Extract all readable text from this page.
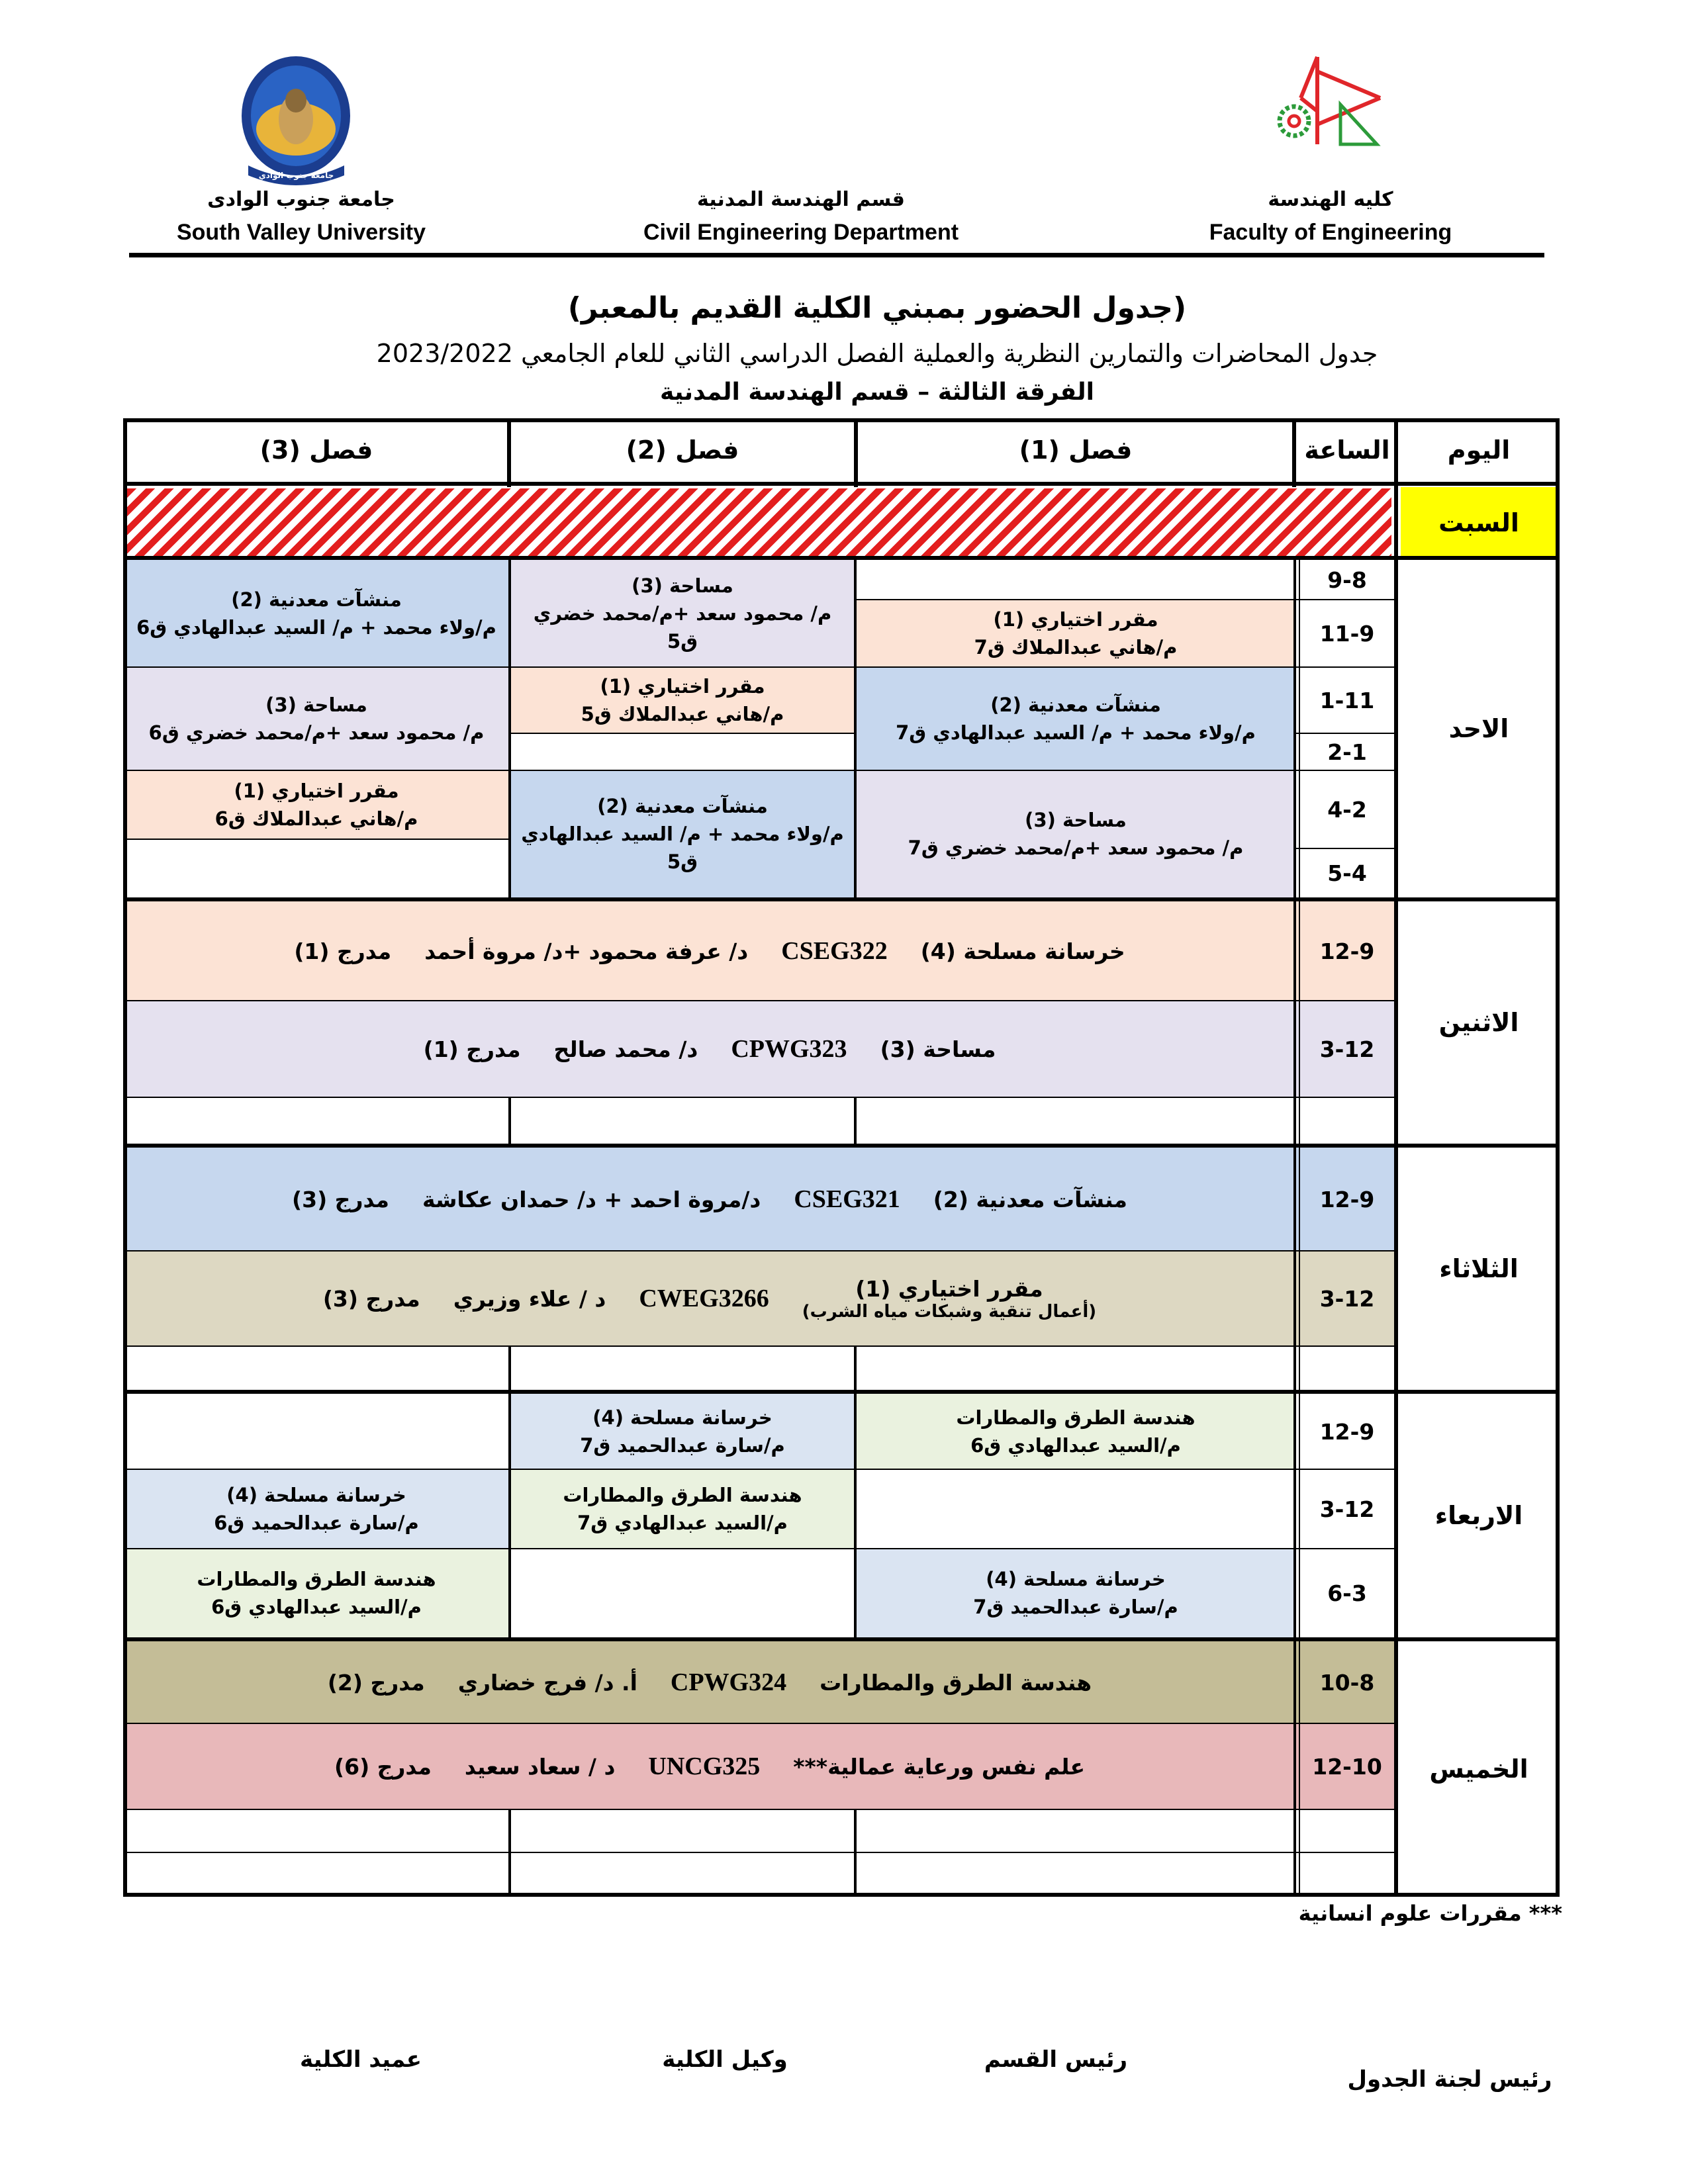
جامعة جنوب الوادي
كليه الهندسة
Faculty of Engineering
قسم الهندسة المدنية
Civil Engineering Department
جامعة جنوب الوادى
South Valley University
(جدول الحضور بمبني الكلية القديم بالمعبر)
جدول المحاضرات والتمارين النظرية والعملية الفصل الدراسي الثاني للعام الجامعي 2023/2022
الفرقة الثالثة – قسم الهندسة المدنية
اليوم
الساعة
فصل (1)
فصل (2)
فصل (3)
السبت
الاحد
9-8
11-9
1-11
2-1
4-2
5-4
مقرر اختياري (1)
م/هاني عبدالملاك ق7
منشآت معدنية (2)
م/ولاء محمد + م/ السيد عبدالهادي ق7
مساحة (3)
م/ محمود سعد +م/محمد خضري ق7
مساحة (3)
م/ محمود سعد +م/محمد خضري
ق5
مقرر اختياري (1)
م/هاني عبدالملاك ق5
منشآت معدنية (2)
م/ولاء محمد + م/ السيد عبدالهادي
ق5
منشآت معدنية (2)
م/ولاء محمد + م/ السيد عبدالهادي ق6
مساحة (3)
م/ محمود سعد +م/محمد خضري ق6
مقرر اختياري (1)
م/هاني عبدالملاك ق6
الاثنين
12-9
3-12
خرسانة مسلحة (4)
CSEG322
د/ عرفة محمود +د/ مروة أحمد
مدرج (1)
مساحة (3)
CPWG323
د/ محمد صالح
مدرج (1)
الثلاثاء
12-9
3-12
منشآت معدنية (2)
CSEG321
د/مروة احمد + د/ حمدان عكاشة
مدرج (3)
مقرر اختياري (1)
(أعمال تنقية وشبكات مياه الشرب)
CWEG3266
د / علاء وزيري
مدرج (3)
الاربعاء
12-9
3-12
6-3
هندسة الطرق والمطارات
م/السيد عبدالهادي ق6
خرسانة مسلحة (4)
م/سارة عبدالحميد ق7
خرسانة مسلحة (4)
م/سارة عبدالحميد ق7
هندسة الطرق والمطارات
م/السيد عبدالهادي ق7
خرسانة مسلحة (4)
م/سارة عبدالحميد ق6
هندسة الطرق والمطارات
م/السيد عبدالهادي ق6
الخميس
10-8
12-10
هندسة الطرق والمطارات
CPWG324
أ. د/ فرج خضاري
مدرج (2)
علم نفس ورعاية عمالية***
UNCG325
د / سعاد سعيد
مدرج (6)
*** مقررات علوم انسانية
رئيس لجنة الجدول
رئيس القسم
وكيل الكلية
عميد الكلية
